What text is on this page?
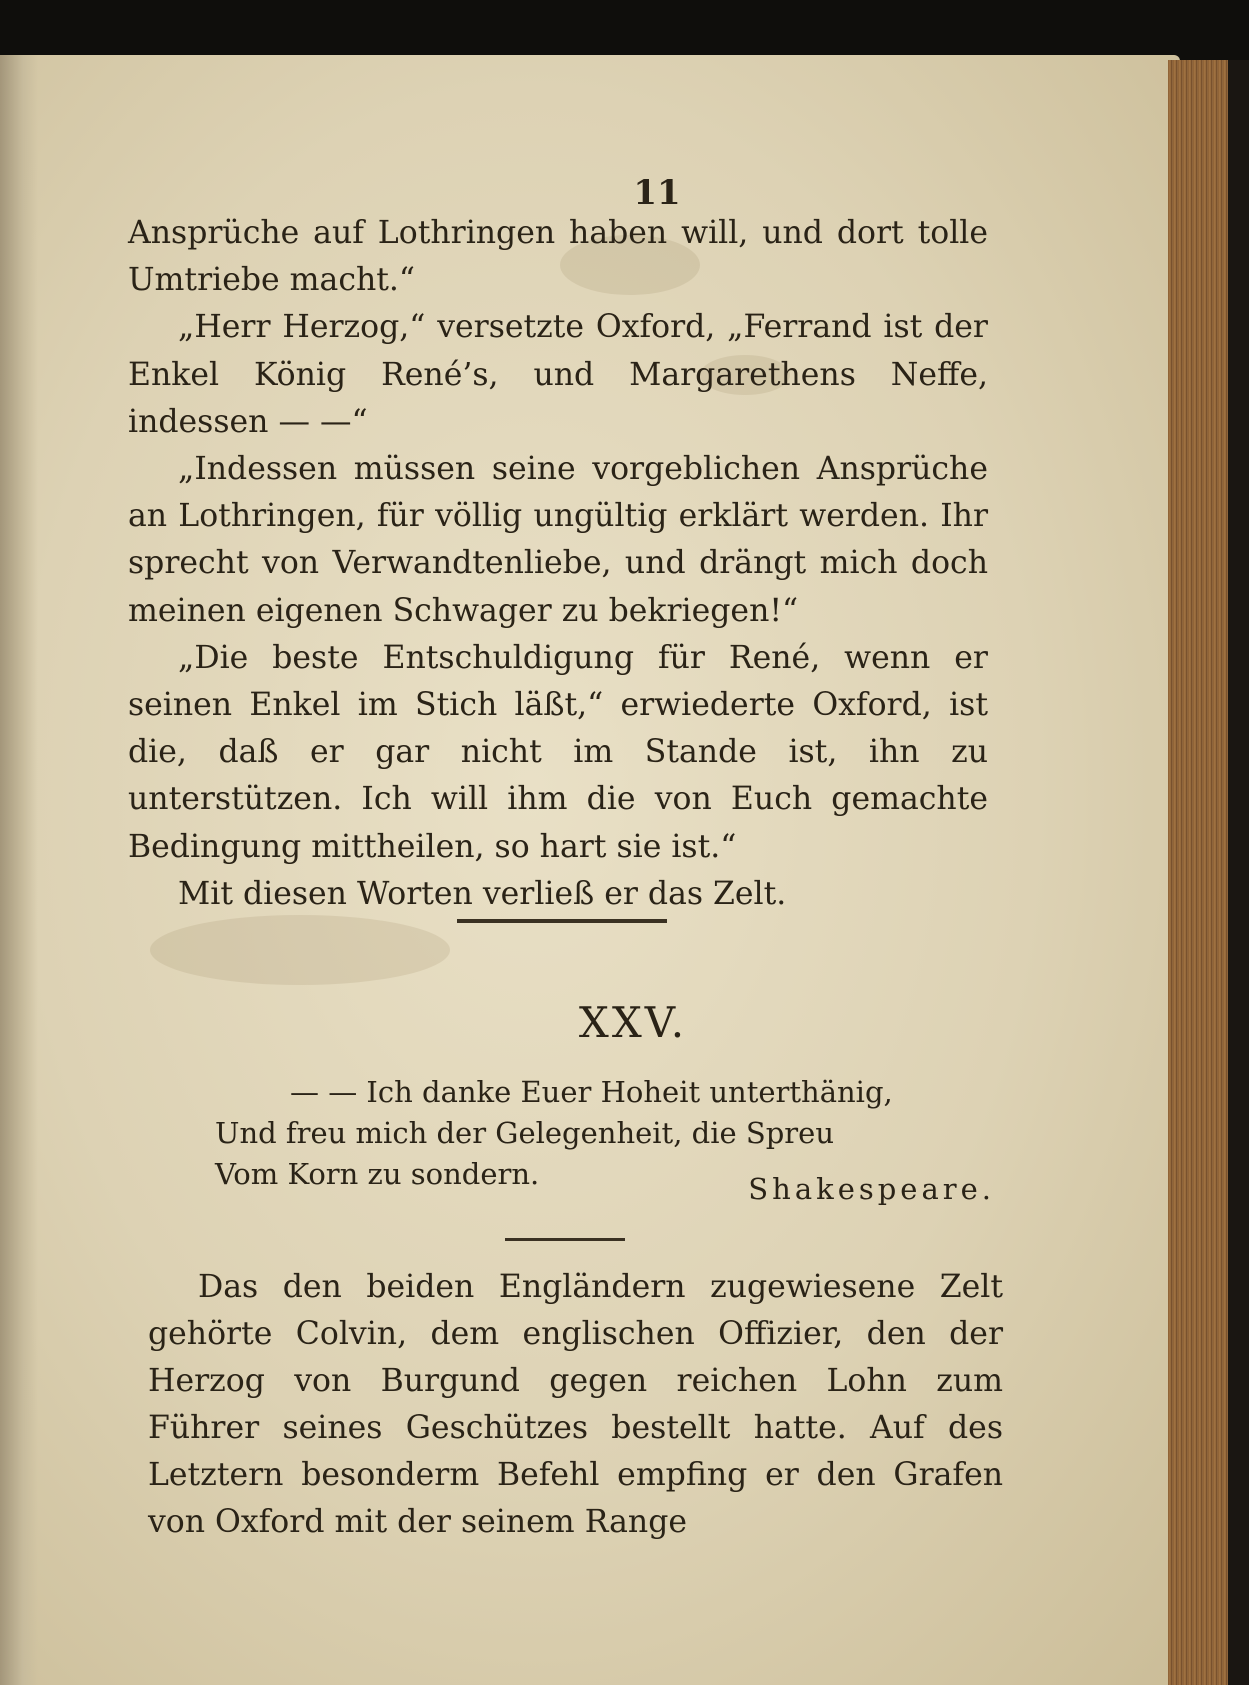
11

Ansprüche auf Lothringen haben will, und dort tolle Umtriebe macht.“

„Herr Herzog,“ versetzte Oxford, „Ferrand ist der Enkel König René’s, und Margarethens Neffe, indessen — —“

„Indessen müssen seine vorgeblichen Ansprüche an Lothringen, für völlig ungültig erklärt werden. Ihr sprecht von Verwandtenliebe, und drängt mich doch meinen eigenen Schwager zu bekriegen!“

„Die beste Entschuldigung für René, wenn er seinen Enkel im Stich läßt,“ erwiederte Oxford, ist die, daß er gar nicht im Stande ist, ihn zu unterstützen. Ich will ihm die von Euch gemachte Bedingung mittheilen, so hart sie ist.“

Mit diesen Worten verließ er das Zelt.

XXV.
— — Ich danke Euer Hoheit unterthänig,
Und freu mich der Gelegenheit, die Spreu
Vom Korn zu sondern.	Shakespeare.

Das den beiden Engländern zugewiesene Zelt gehörte Colvin, dem englischen Offizier, den der Herzog von Burgund gegen reichen Lohn zum Führer seines Geschützes bestellt hatte. Auf des Letztern besonderm Befehl empfing er den Grafen von Oxford mit der seinem Range
